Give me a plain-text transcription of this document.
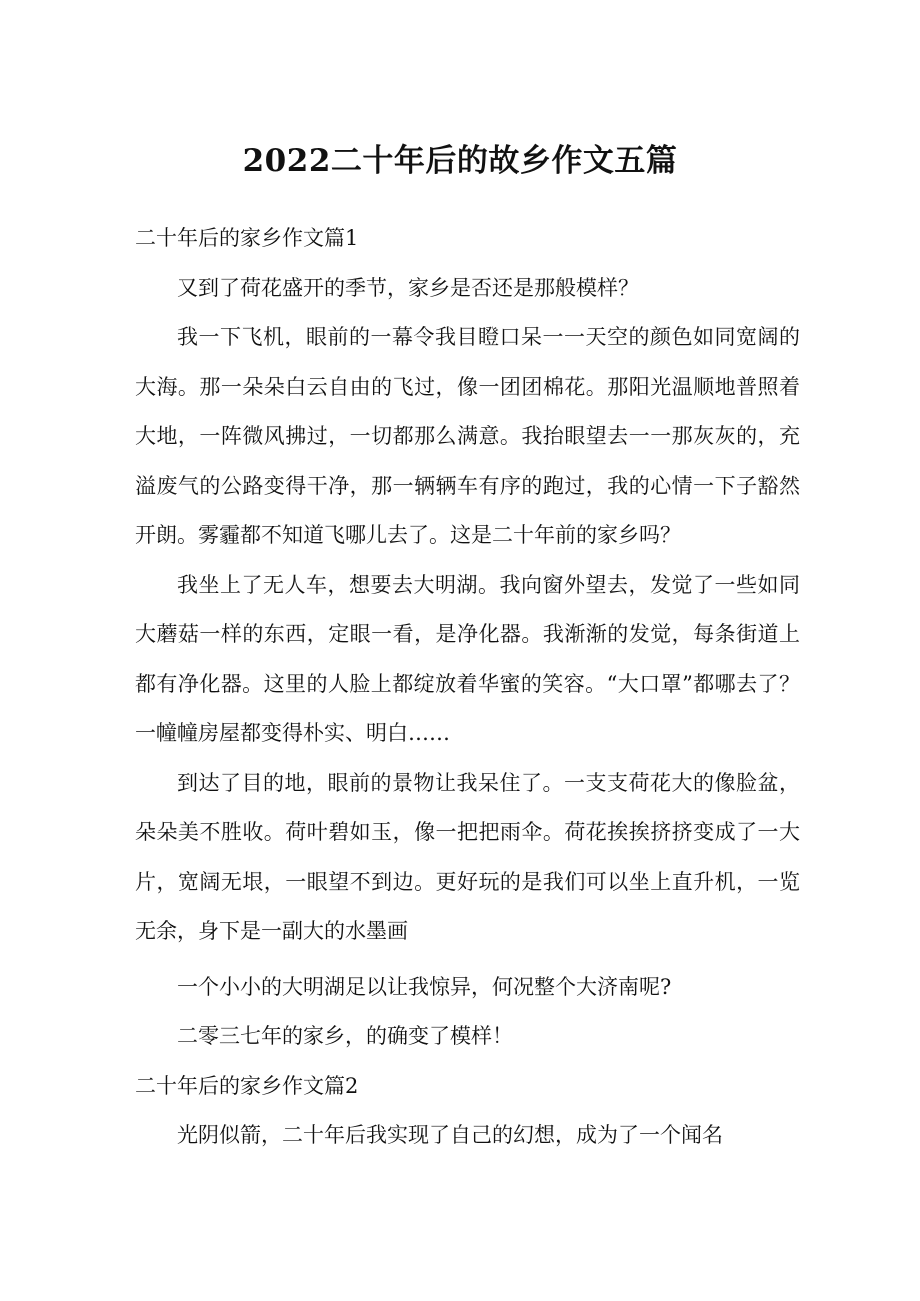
2022二十年后的故乡作文五篇

二十年后的家乡作文篇1

又到了荷花盛开的季节，家乡是否还是那般模样？

我一下飞机，眼前的一幕令我目瞪口呆一一天空的颜色如同宽阔的大海。那一朵朵白云自由的飞过，像一团团棉花。那阳光温顺地普照着大地，一阵微风拂过，一切都那么满意。我抬眼望去一一那灰灰的，充溢废气的公路变得干净，那一辆辆车有序的跑过，我的心情一下子豁然开朗。雾霾都不知道飞哪儿去了。这是二十年前的家乡吗？

我坐上了无人车，想要去大明湖。我向窗外望去，发觉了一些如同大蘑菇一样的东西，定眼一看，是净化器。我渐渐的发觉，每条街道上都有净化器。这里的人脸上都绽放着华蜜的笑容。“大口罩”都哪去了？一幢幢房屋都变得朴实、明白……

到达了目的地，眼前的景物让我呆住了。一支支荷花大的像脸盆，朵朵美不胜收。荷叶碧如玉，像一把把雨伞。荷花挨挨挤挤变成了一大片，宽阔无垠，一眼望不到边。更好玩的是我们可以坐上直升机，一览无余，身下是一副大的水墨画

一个小小的大明湖足以让我惊异，何况整个大济南呢?

二零三七年的家乡，的确变了模样！

二十年后的家乡作文篇2

光阴似箭，二十年后我实现了自己的幻想，成为了一个闻名
